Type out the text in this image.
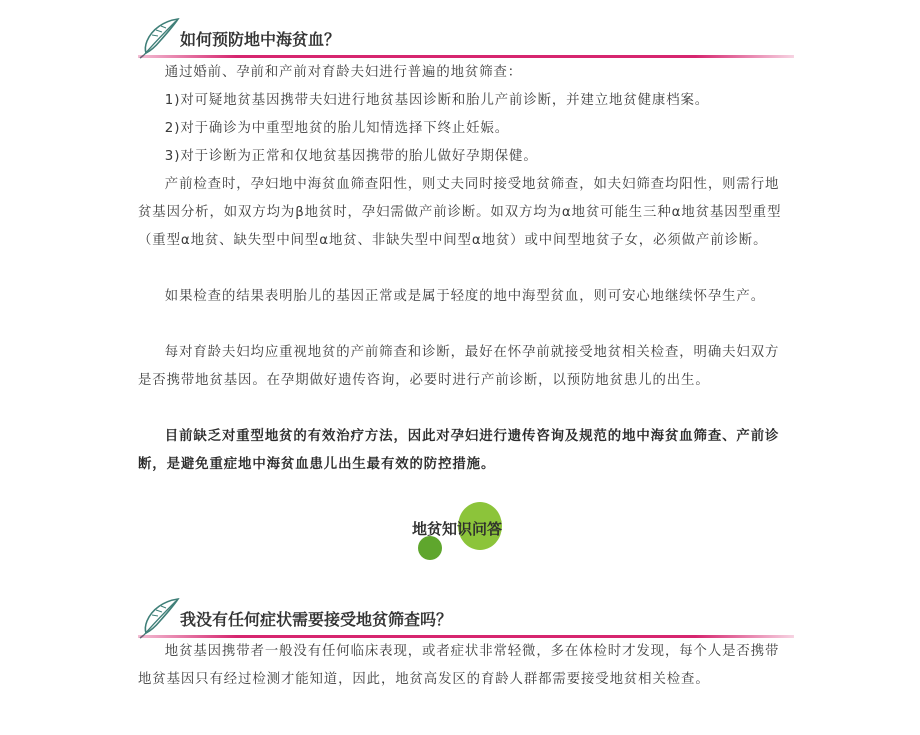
如何预防地中海贫血？

通过婚前、孕前和产前对育龄夫妇进行普遍的地贫筛查：

1)对可疑地贫基因携带夫妇进行地贫基因诊断和胎儿产前诊断，并建立地贫健康档案。

2)对于确诊为中重型地贫的胎儿知情选择下终止妊娠。

3)对于诊断为正常和仅地贫基因携带的胎儿做好孕期保健。

产前检查时，孕妇地中海贫血筛查阳性，则丈夫同时接受地贫筛查，如夫妇筛查均阳性，则需行地贫基因分析，如双方均为β地贫时，孕妇需做产前诊断。如双方均为α地贫可能生三种α地贫基因型重型（重型α地贫、缺失型中间型α地贫、非缺失型中间型α地贫）或中间型地贫子女，必须做产前诊断。

如果检查的结果表明胎儿的基因正常或是属于轻度的地中海型贫血，则可安心地继续怀孕生产。

每对育龄夫妇均应重视地贫的产前筛查和诊断，最好在怀孕前就接受地贫相关检查，明确夫妇双方是否携带地贫基因。在孕期做好遗传咨询，必要时进行产前诊断，以预防地贫患儿的出生。

目前缺乏对重型地贫的有效治疗方法，因此对孕妇进行遗传咨询及规范的地中海贫血筛查、产前诊断，是避免重症地中海贫血患儿出生最有效的防控措施。

地贫知识问答
我没有任何症状需要接受地贫筛查吗？

地贫基因携带者一般没有任何临床表现，或者症状非常轻微，多在体检时才发现，每个人是否携带地贫基因只有经过检测才能知道，因此，地贫高发区的育龄人群都需要接受地贫相关检查。
